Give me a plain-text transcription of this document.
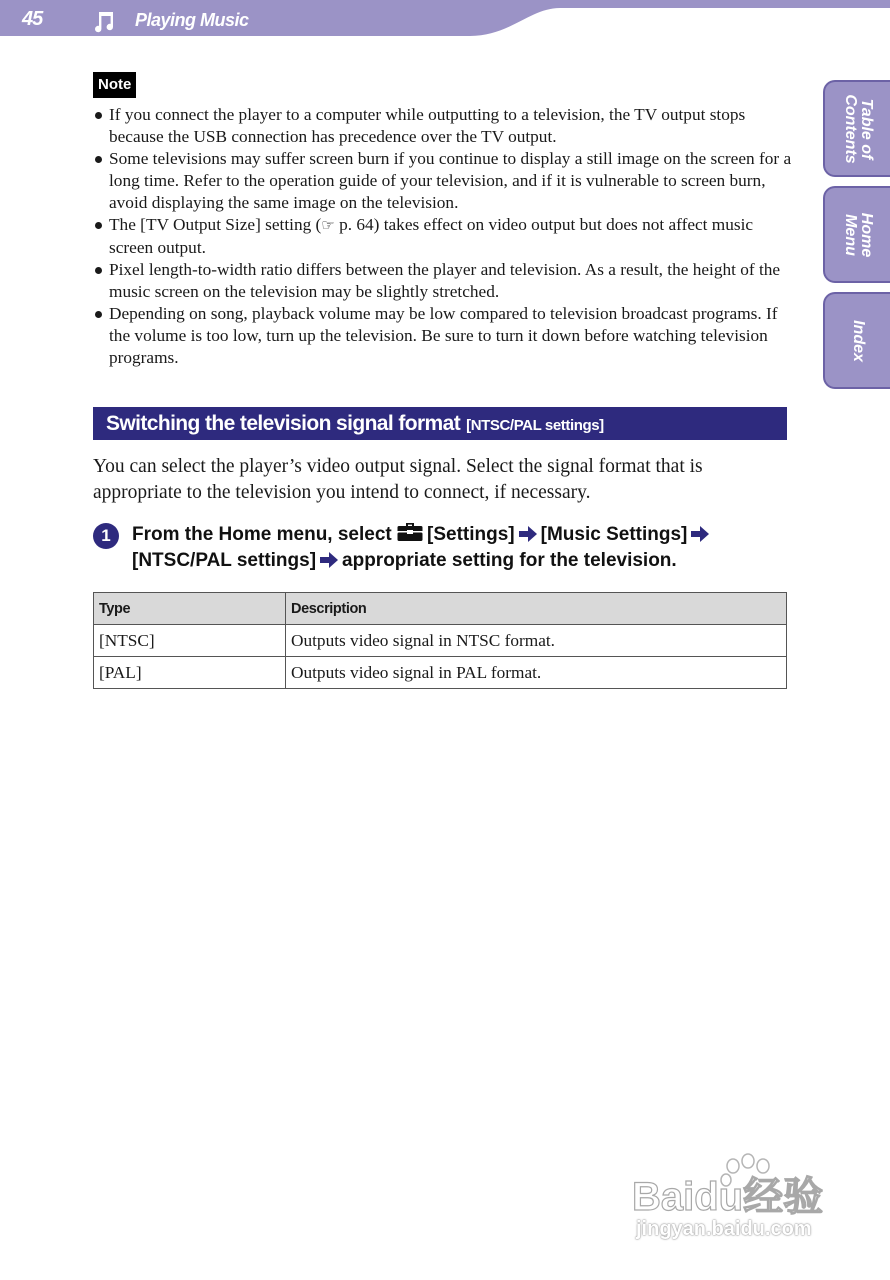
45	Playing Music
Table of
Contents
Home
Menu
Index
Note
If you connect the player to a computer while outputting to a television, the TV output stops because the USB connection has precedence over the TV output.
Some televisions may suffer screen burn if you continue to display a still image on the screen for a long time. Refer to the operation guide of your television, and if it is vulnerable to screen burn, avoid displaying the same image on the television.
The [TV Output Size] setting (☞ p. 64) takes effect on video output but does not affect music screen output.
Pixel length-to-width ratio differs between the player and television. As a result, the height of the music screen on the television may be slightly stretched.
Depending on song, playback volume may be low compared to television broadcast programs. If the volume is too low, turn up the television. Be sure to turn it down before watching television programs.
Switching the television signal format [NTSC/PAL settings]

You can select the player’s video output signal. Select the signal format that is appropriate to the television you intend to connect, if necessary.

1	From the Home menu, select [Settings] [Music Settings]
[NTSC/PAL settings] appropriate setting for the television.

Type	Description
[NTSC]	Outputs video signal in NTSC format.
[PAL]	Outputs video signal in PAL format.
Baidu经验
jingyan.baidu.com
